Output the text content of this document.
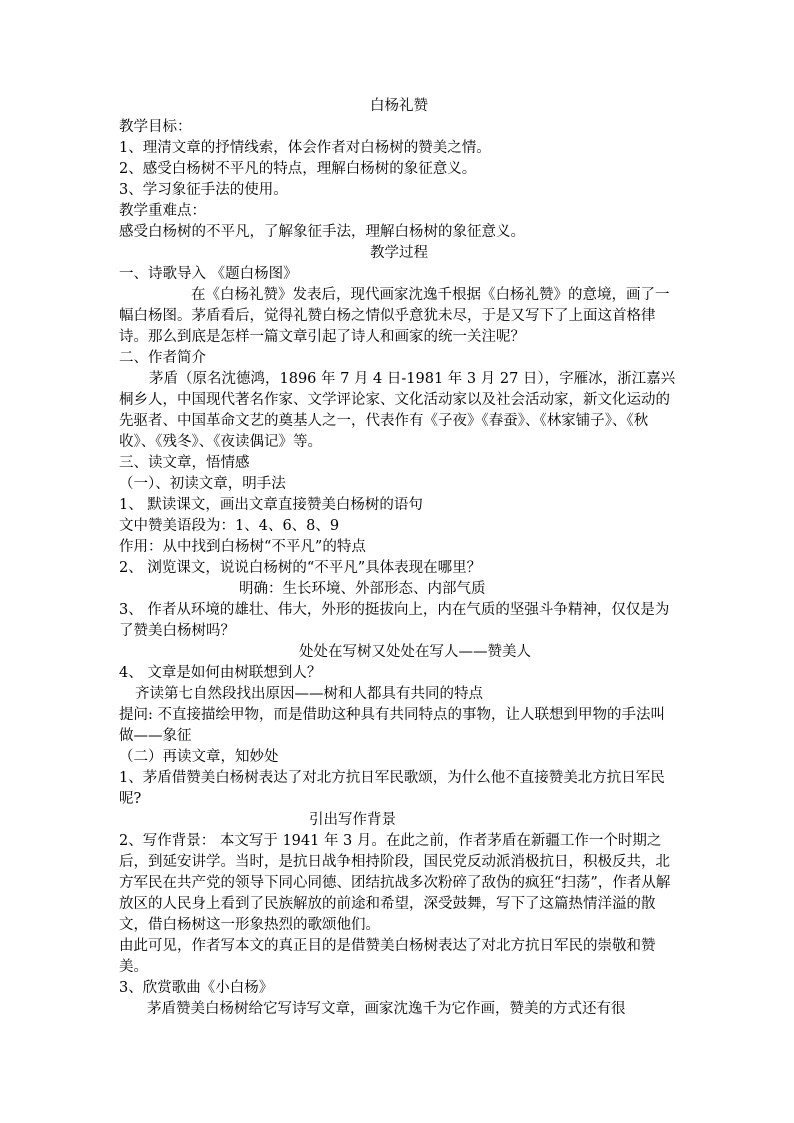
白杨礼赞
教学目标：
1、理清文章的抒情线索，体会作者对白杨树的赞美之情。
2、感受白杨树不平凡的特点，理解白杨树的象征意义。
3、学习象征手法的使用。
教学重难点：
感受白杨树的不平凡，了解象征手法，理解白杨树的象征意义。
教学过程
一、诗歌导入 《题白杨图》
在《白杨礼赞》发表后，现代画家沈逸千根据《白杨礼赞》的意境，画了一幅白杨图。茅盾看后，觉得礼赞白杨之情似乎意犹未尽，于是又写下了上面这首格律诗。那么到底是怎样一篇文章引起了诗人和画家的统一关注呢？
二、作者简介
茅盾（原名沈德鸿，1896 年 7 月 4 日-1981 年 3 月 27 日），字雁冰，浙江嘉兴桐乡人，中国现代著名作家、文学评论家、文化活动家以及社会活动家，新文化运动的先驱者、中国革命文艺的奠基人之一，代表作有《子夜》《春蚕》、《林家铺子》、《秋收》、《残冬》、《夜读偶记》等。
三、读文章，悟情感
（一）、初读文章，明手法
1、 默读课文，画出文章直接赞美白杨树的语句
文中赞美语段为：1、4、6、8、9
作用：从中找到白杨树“不平凡”的特点
2、 浏览课文，说说白杨树的“不平凡”具体表现在哪里？
明确：生长环境、外部形态、内部气质
3、 作者从环境的雄壮、伟大，外形的挺拔向上，内在气质的坚强斗争精神，仅仅是为了赞美白杨树吗？
处处在写树又处处在写人——赞美人
4、 文章是如何由树联想到人？
齐读第七自然段找出原因——树和人都具有共同的特点
提问: 不直接描绘甲物，而是借助这种具有共同特点的事物，让人联想到甲物的手法叫做——象征
（二）再读文章，知妙处
1、茅盾借赞美白杨树表达了对北方抗日军民歌颂，为什么他不直接赞美北方抗日军民呢?
引出写作背景
2、写作背景： 本文写于 1941 年 3 月。在此之前，作者茅盾在新疆工作一个时期之后，到延安讲学。当时，是抗日战争相持阶段，国民党反动派消极抗日，积极反共，北方军民在共产党的领导下同心同德、团结抗战多次粉碎了敌伪的疯狂“扫荡”，作者从解放区的人民身上看到了民族解放的前途和希望，深受鼓舞，写下了这篇热情洋溢的散文，借白杨树这一形象热烈的歌颂他们。
由此可见，作者写本文的真正目的是借赞美白杨树表达了对北方抗日军民的崇敬和赞美。
3、欣赏歌曲《小白杨》
茅盾赞美白杨树给它写诗写文章，画家沈逸千为它作画，赞美的方式还有很
